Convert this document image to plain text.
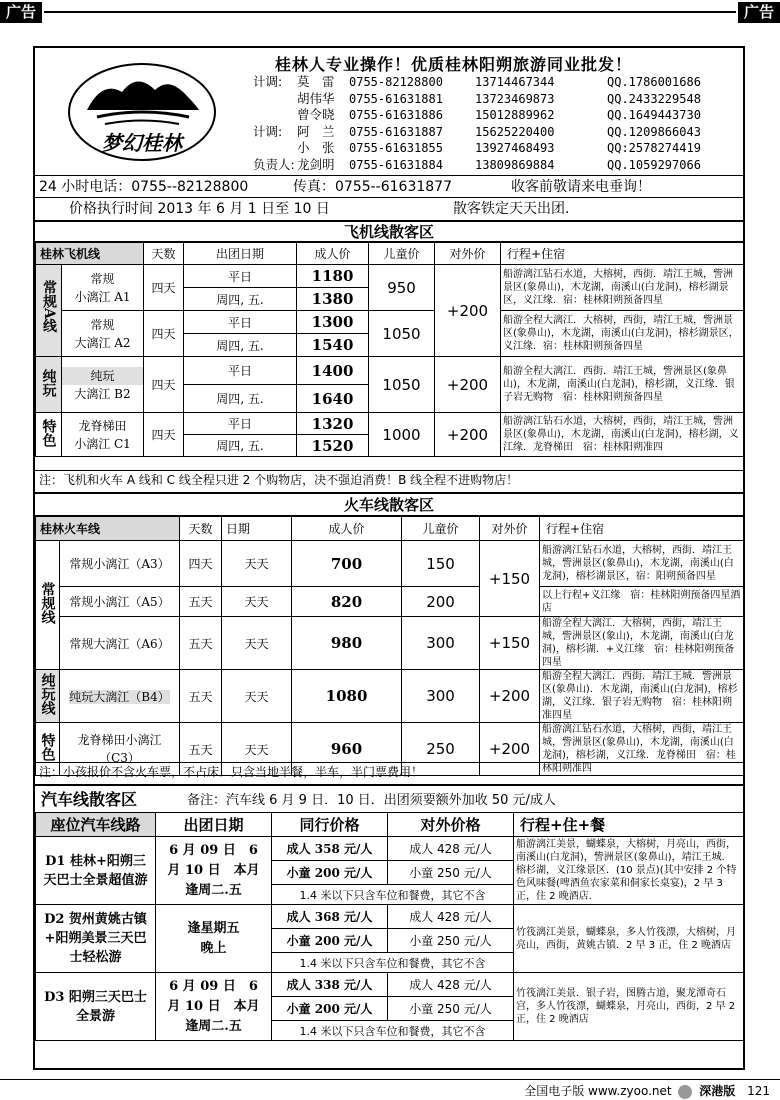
广告	广告
梦幻桂林
桂林人专业操作！优质桂林阳朔旅游同业批发！
计调: 莫　雷 0755-82128800	13714467344	QQ.1786001686
胡伟华 0755-61631881	13723469873	QQ.2433229548
曾令晓 0755-61631886	15012889962	QQ.1649443730
计调: 阿　兰 0755-61631887	15625220400	QQ.1209866043
小　张 0755-61631855	13927468493	QQ:2578274419
负责人: 龙剑明 0755-61631884	13809869884	QQ.1059297066
24 小时电话：0755--82128800	传真：0755--61631877	收客前敬请来电垂询！
价格执行时间 2013 年 6 月 1 日至 10 日	散客铁定天天出团.
飞机线散客区
桂林飞机线		天数	出团日期	成人价	儿童价	对外价	行程+住宿
常规A线	常规
小漓江 A1	四天	平日	1180	950	+200	船游漓江钻石水道，大榕树，西街．靖江王城，訾洲景区(象鼻山)，木龙湖，南溪山(白龙洞)，榕杉湖景区，义江缘．宿：桂林阳朔预备四星
			周四, 五.	1380			

	常规
大漓江 A2	四天	平日	1300	1050		船游全程大漓江．大榕树，西街，靖江王城，訾洲景区(象鼻山)，木龙湖，南溪山(白龙洞)，榕杉湖景区，义江缘．宿：桂林阳朔预备四星
			周四, 五.	1540			
纯玩	纯玩
大漓江 B2	四天	平日	1400	1050	+200	船游全程大漓江．西街．靖江王城，訾洲景区(象鼻山)，木龙湖，南溪山(白龙洞)，榕杉湖，义江缘．银子岩无购物　宿：桂林阳朔预备四星
			周四, 五.	1640			
特色	龙脊梯田
小漓江 C1	四天	平日	1320	1000	+200	船游漓江钻石水道，大榕树，西街，靖江王城，訾洲景区(象鼻山)，木龙湖，南溪山(白龙洞)，榕杉湖，义江缘．龙脊梯田　宿：桂林阳朔准四
			周四, 五.	1520			
注：飞机和火车 A 线和 C 线全程只进 2 个购物店，决不强迫消费！B 线全程不进购物店！
火车线散客区
桂林火车线		天数	日期	成人价	儿童价	对外价	行程+住宿
常规线	常规小漓江（A3）	四天	天天	700	150	+150	船游漓江钻石水道，大榕树，西街．靖江王城，訾洲景区(象鼻山)，木龙湖，南溪山(白龙洞)，榕杉湖景区，宿：阳朔预备四星
	常规小漓江（A5）	五天	天天	820	200		以上行程+义江缘　宿：桂林阳朔预备四星酒店
	常规大漓江（A6）	五天	天天	980	300	+150	船游全程大漓江．大榕树，西街，靖江王城，訾洲景区(象山)，木龙湖，南溪山(白龙洞)，榕杉湖．+义江缘　宿：桂林阳朔预备四星
纯玩线	纯玩大漓江（B4）	五天	天天	1080	300	+200	船游全程大漓江．西街．靖江王城．訾洲景区(象鼻山)．木龙湖，南溪山(白龙洞)，榕杉湖，义江缘．银子岩无购物　宿：桂林阳朔准四星
特色	龙脊梯田小漓江（C3）	五天	天天	960	250	+200	船游漓江钻石水道，大榕树，西街，靖江王城，訾洲景区(象鼻山)，木龙湖，南溪山(白龙洞)，榕杉湖，义江缘．龙脊梯田　宿：桂林阳朔准四
注：小孩报价不含火车票，不占床．只含当地半餐，半车，半门票费用！
汽车线散客区	备注：汽车线 6 月 9 日．10 日．出团须要额外加收 50 元/成人
座位汽车线路	出团日期	同行价格	对外价格	行程+住+餐
D1 桂林+阳朔三天巴士全景超值游	6 月 09 日　6 月 10 日　本月逢周二.五	成人 358 元/人	成人 428 元/人	船游漓江美景，蝴蝶泉，大榕树，月亮山，西街，南溪山(白龙洞)，訾洲景区(象鼻山)，靖江王城．榕杉湖，义江缘景区．(10 景点)(其中安排 2 个特色风味餐(啤酒鱼农家菜和侗家长桌宴)，2 早 3 正，住 2 晚酒店．
		小童 200 元/人	小童 250 元/人	
		1.4 米以下只含车位和餐费，其它不含		
D2 贺州黄姚古镇+阳朔美景三天巴士轻松游	逢星期五　晚上	成人 368 元/人	成人 428 元/人	竹筏漓江美景，蝴蝶泉，多人竹筏漂，大榕树，月亮山，西街，黄姚古镇．2 早 3 正，住 2 晚酒店
		小童 200 元/人	小童 250 元/人	
		1.4 米以下只含车位和餐费，其它不含		
D3 阳朔三天巴士全景游	6 月 09 日　6 月 10 日　本月逢周二.五	成人 338 元/人	成人 428 元/人	竹筏漓江美景．银子岩，图腾古道，聚龙潭奇石宫，多人竹筏漂，蝴蝶泉，月亮山，西街，2 早 2 正，住 2 晚酒店
		小童 200 元/人	小童 250 元/人	
		1.4 米以下只含车位和餐费，其它不含		
全国电子版 www.zyoo.net 深港版 121
